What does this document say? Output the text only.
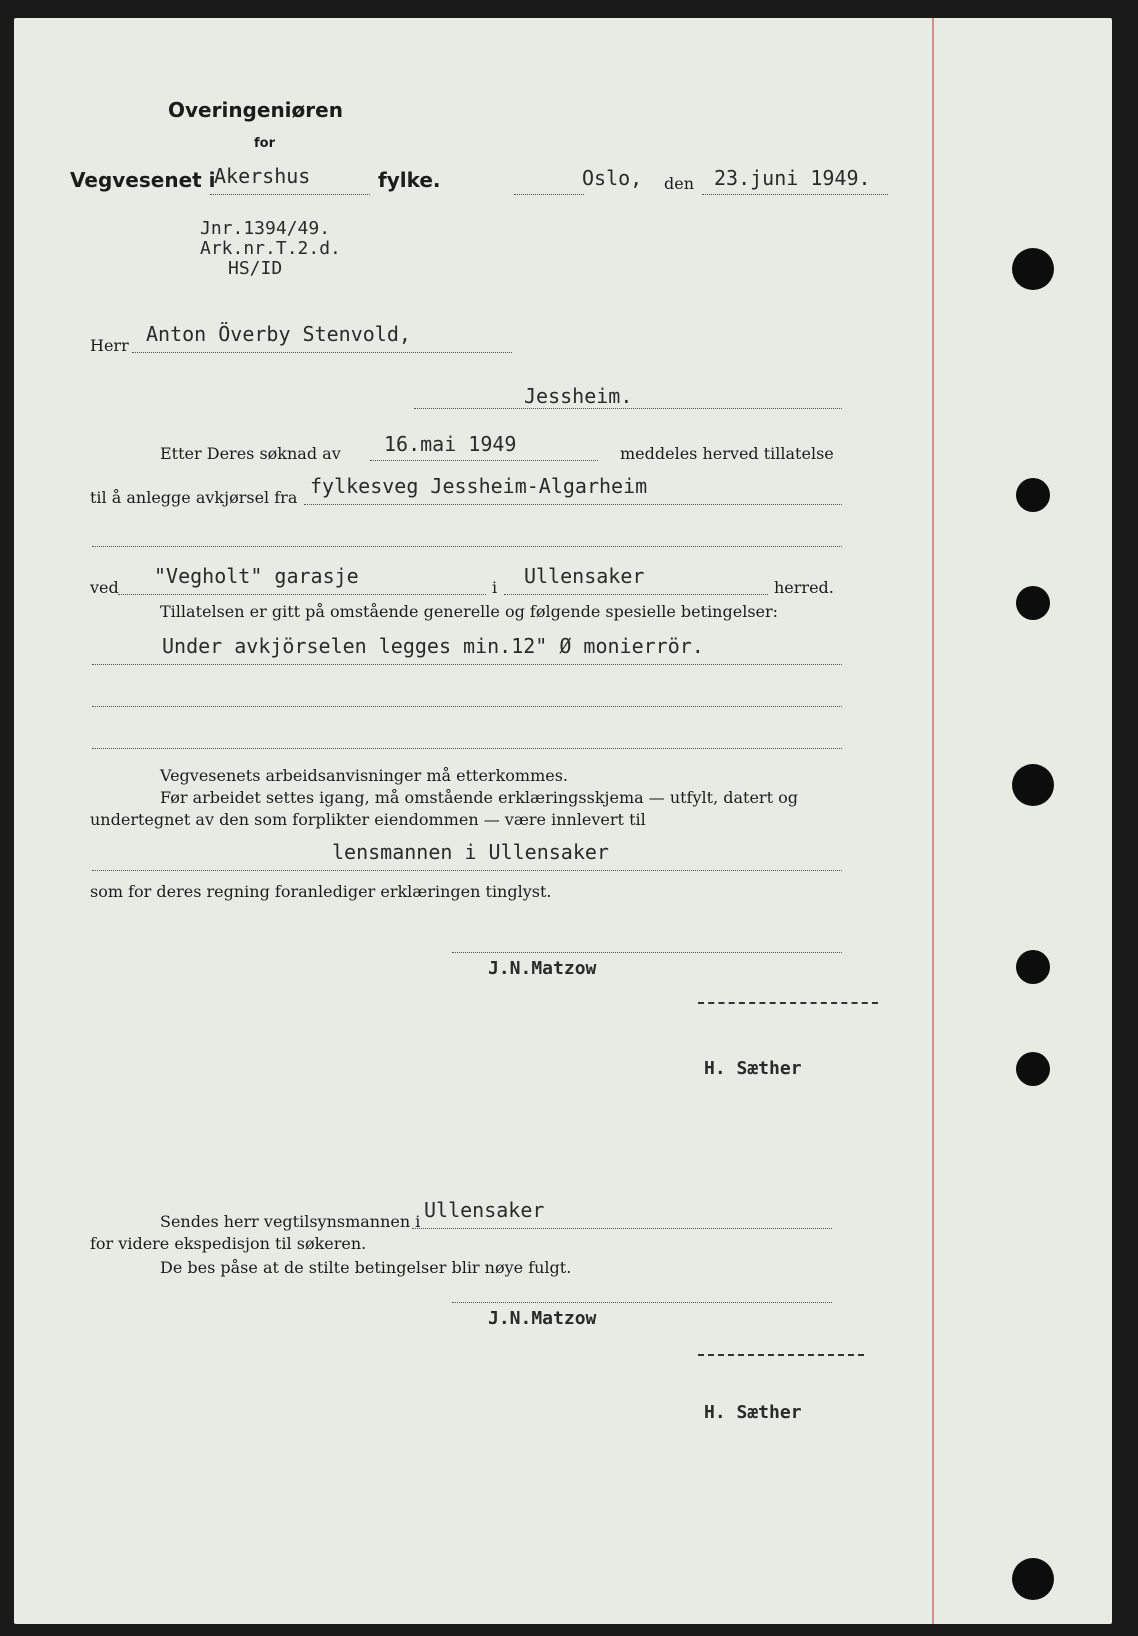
Overingeniøren
for
Vegvesenet i
Akershus	fylke.	Oslo, den 23.juni 1949.
Jnr.1394/49.
Ark.nr.T.2.d.
HS/ID
Herr Anton Överby Stenvold,
Jessheim.
Etter Deres søknad av 16.mai 1949	meddeles herved tillatelse
til å anlegge avkjørsel fra fylkesveg Jessheim-Algarheim
ved "Vegholt" garasje	i Ullensaker	herred.
Tillatelsen er gitt på omstående generelle og følgende spesielle betingelser:
Under avkjörselen legges min.12" Ø monierrör.
Vegvesenets arbeidsanvisninger må etterkommes.
Før arbeidet settes igang, må omstående erklæringsskjema — utfylt, datert og
undertegnet av den som forplikter eiendommen — være innlevert til
lensmannen i Ullensaker
som for deres regning foranlediger erklæringen tinglyst.
J.N.Matzow
H. Sæther
Sendes herr vegtilsynsmannen i Ullensaker
for videre ekspedisjon til søkeren.
De bes påse at de stilte betingelser blir nøye fulgt.
J.N.Matzow
H. Sæther
